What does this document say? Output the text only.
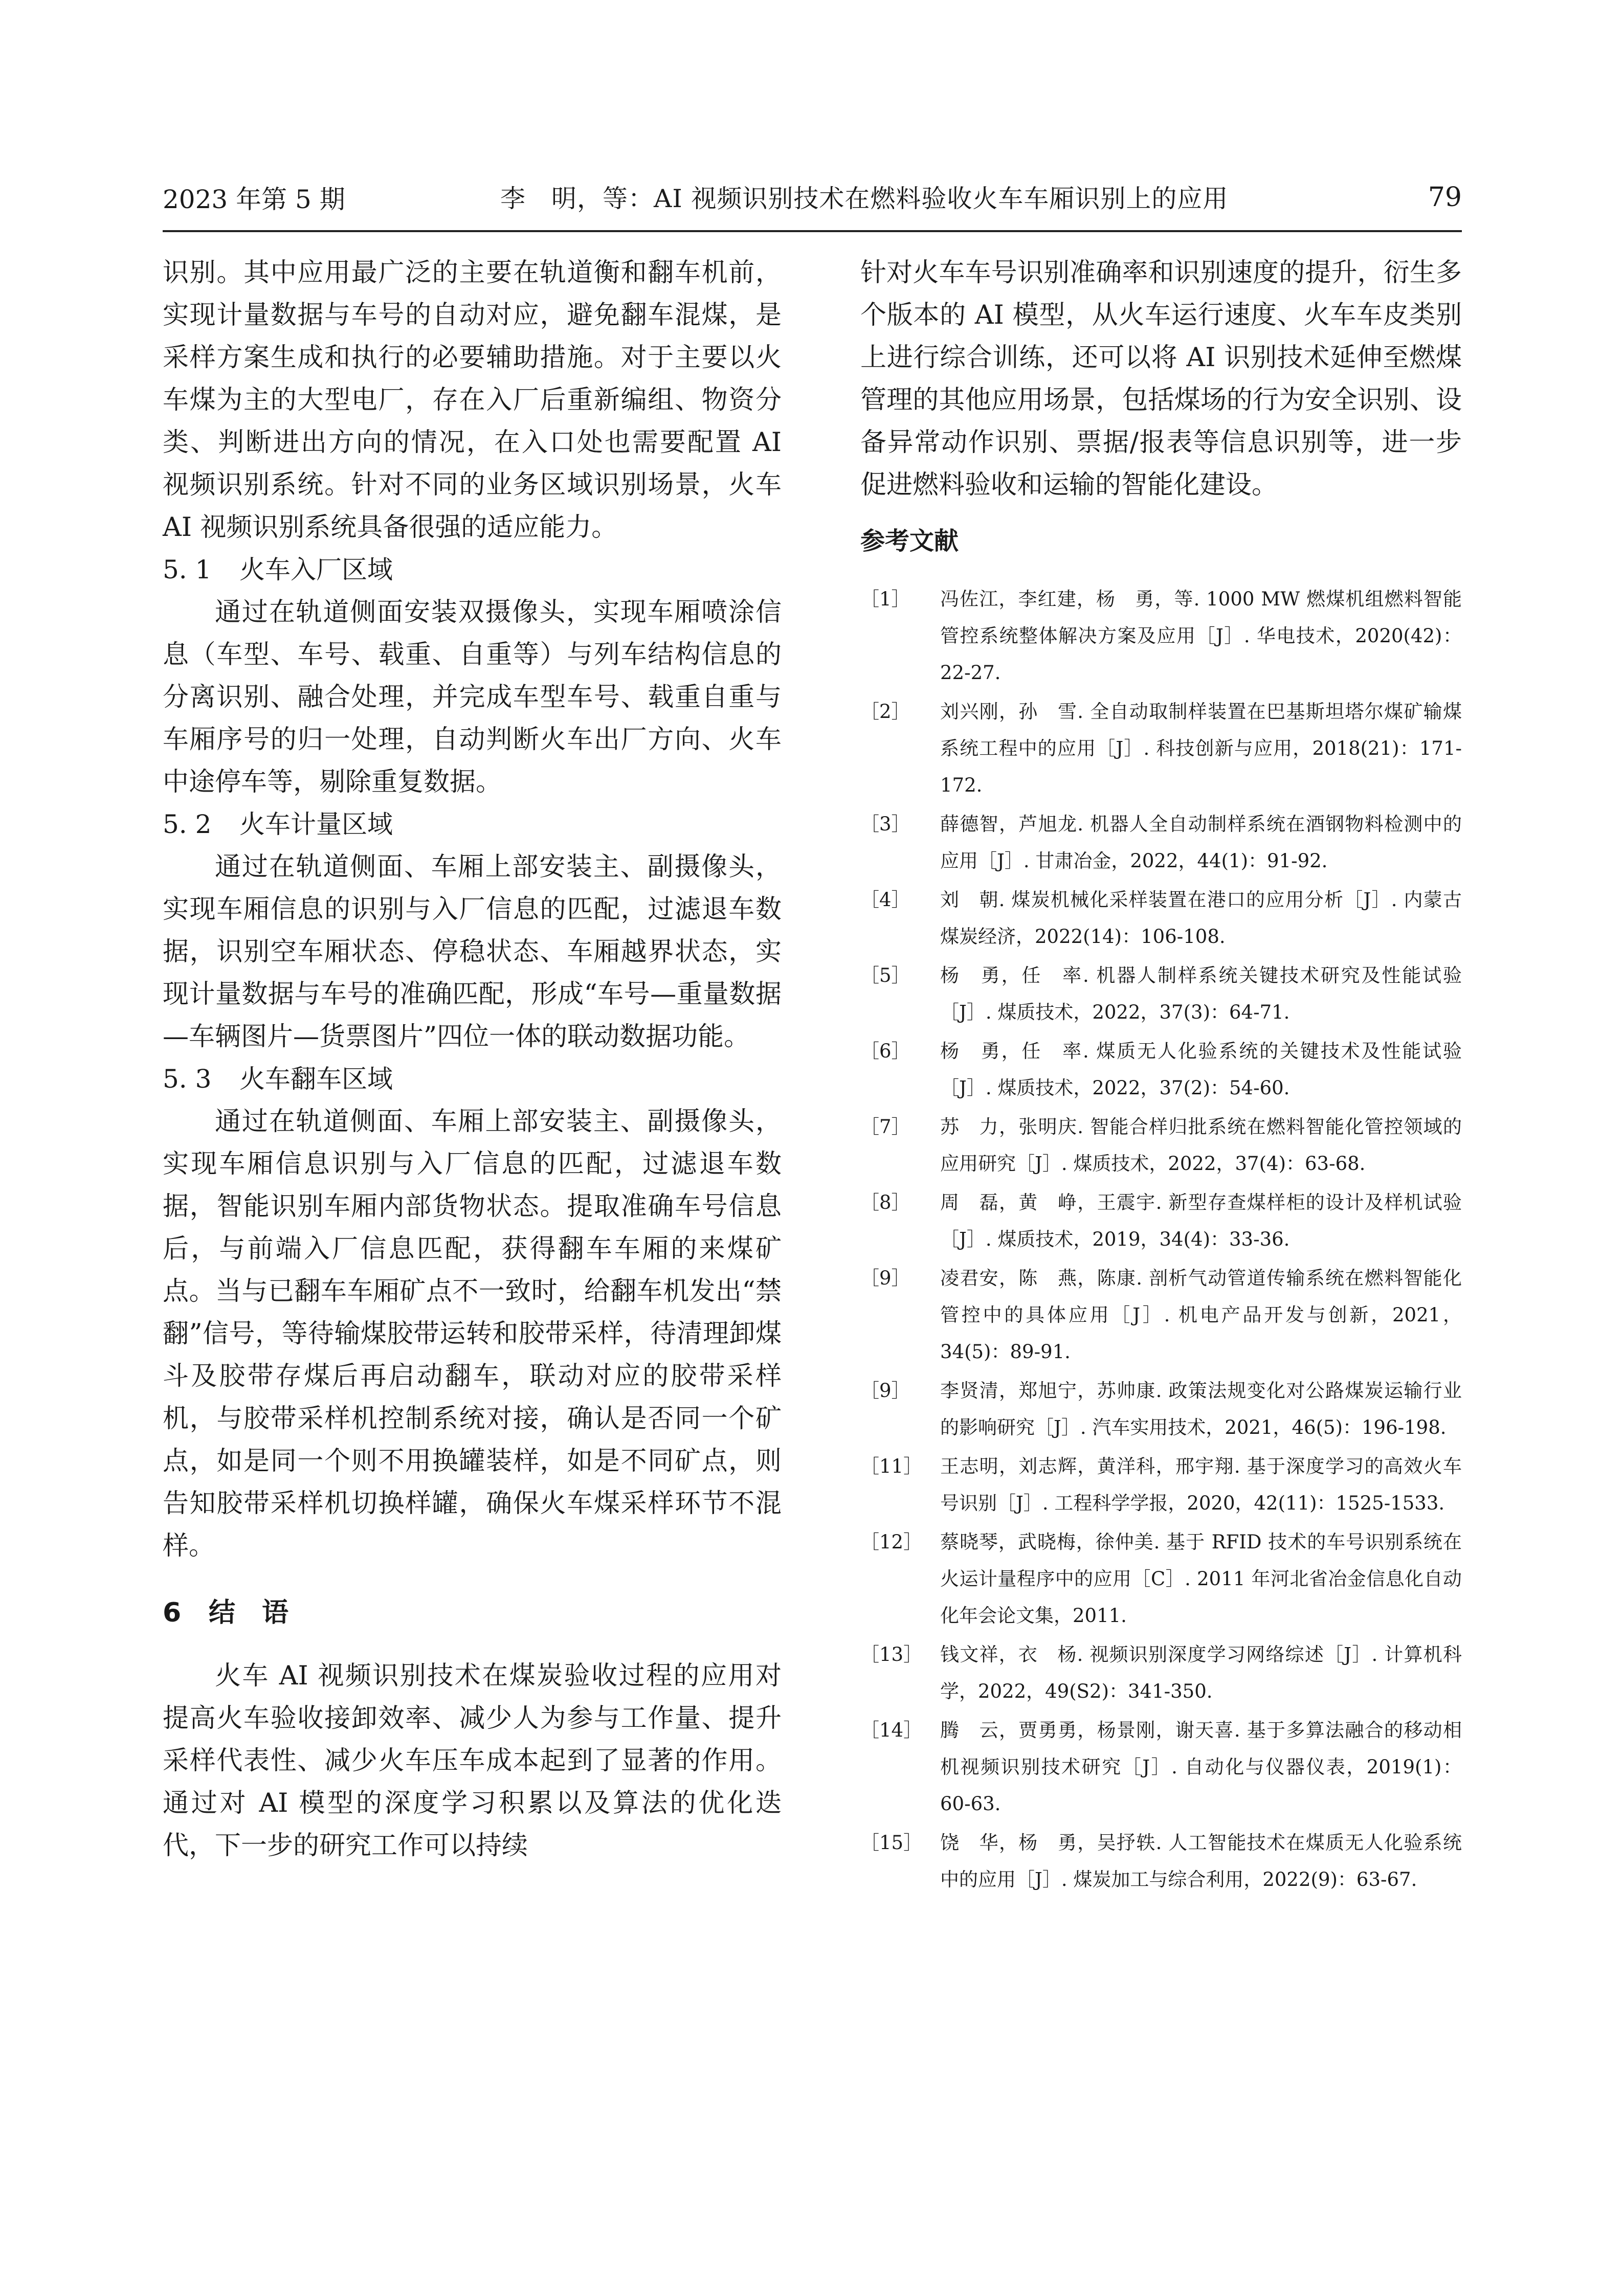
2023 年第 5 期	李　明，等：AI 视频识别技术在燃料验收火车车厢识别上的应用	79

识别。其中应用最广泛的主要在轨道衡和翻车机前，实现计量数据与车号的自动对应，避免翻车混煤，是采样方案生成和执行的必要辅助措施。对于主要以火车煤为主的大型电厂，存在入厂后重新编组、物资分类、判断进出方向的情况，在入口处也需要配置 AI 视频识别系统。针对不同的业务区域识别场景，火车 AI 视频识别系统具备很强的适应能力。

5. 1 火车入厂区域

通过在轨道侧面安装双摄像头，实现车厢喷涂信息（车型、车号、载重、自重等）与列车结构信息的分离识别、融合处理，并完成车型车号、载重自重与车厢序号的归一处理，自动判断火车出厂方向、火车中途停车等，剔除重复数据。

5. 2 火车计量区域

通过在轨道侧面、车厢上部安装主、副摄像头，实现车厢信息的识别与入厂信息的匹配，过滤退车数据，识别空车厢状态、停稳状态、车厢越界状态，实现计量数据与车号的准确匹配，形成“车号—重量数据—车辆图片—货票图片”四位一体的联动数据功能。

5. 3 火车翻车区域

通过在轨道侧面、车厢上部安装主、副摄像头，实现车厢信息识别与入厂信息的匹配，过滤退车数据，智能识别车厢内部货物状态。提取准确车号信息后，与前端入厂信息匹配，获得翻车车厢的来煤矿点。当与已翻车车厢矿点不一致时，给翻车机发出“禁翻”信号，等待输煤胶带运转和胶带采样，待清理卸煤斗及胶带存煤后再启动翻车，联动对应的胶带采样机，与胶带采样机控制系统对接，确认是否同一个矿点，如是同一个则不用换罐装样，如是不同矿点，则告知胶带采样机切换样罐，确保火车煤采样环节不混样。

6 结　语

火车 AI 视频识别技术在煤炭验收过程的应用对提高火车验收接卸效率、减少人为参与工作量、提升采样代表性、减少火车压车成本起到了显著的作用。通过对 AI 模型的深度学习积累以及算法的优化迭代，下一步的研究工作可以持续

针对火车车号识别准确率和识别速度的提升，衍生多个版本的 AI 模型，从火车运行速度、火车车皮类别上进行综合训练，还可以将 AI 识别技术延伸至燃煤管理的其他应用场景，包括煤场的行为安全识别、设备异常动作识别、票据/报表等信息识别等，进一步促进燃料验收和运输的智能化建设。

参考文献
［1］ 冯佐江，李红建，杨　勇，等. 1000 MW 燃煤机组燃料智能管控系统整体解决方案及应用［J］. 华电技术，2020(42)：22-27.
［2］ 刘兴刚，孙　雪. 全自动取制样装置在巴基斯坦塔尔煤矿输煤系统工程中的应用［J］. 科技创新与应用，2018(21)：171-172.
［3］ 薛德智，芦旭龙. 机器人全自动制样系统在酒钢物料检测中的应用［J］. 甘肃冶金，2022，44(1)：91-92.
［4］ 刘　朝. 煤炭机械化采样装置在港口的应用分析［J］. 内蒙古煤炭经济，2022(14)：106-108.
［5］ 杨　勇，任　率. 机器人制样系统关键技术研究及性能试验［J］. 煤质技术，2022，37(3)：64-71.
［6］ 杨　勇，任　率. 煤质无人化验系统的关键技术及性能试验［J］. 煤质技术，2022，37(2)：54-60.
［7］ 苏　力，张明庆. 智能合样归批系统在燃料智能化管控领域的应用研究［J］. 煤质技术，2022，37(4)：63-68.
［8］ 周　磊，黄　峥，王震宇. 新型存查煤样柜的设计及样机试验［J］. 煤质技术，2019，34(4)：33-36.
［9］ 凌君安，陈　燕，陈康. 剖析气动管道传输系统在燃料智能化管控中的具体应用［J］. 机电产品开发与创新，2021，34(5)：89-91.
［9］ 李贤清，郑旭宁，苏帅康. 政策法规变化对公路煤炭运输行业的影响研究［J］. 汽车实用技术，2021，46(5)：196-198.
［11］ 王志明，刘志辉，黄洋科，邢宇翔. 基于深度学习的高效火车号识别［J］. 工程科学学报，2020，42(11)：1525-1533.
［12］ 蔡晓琴，武晓梅，徐仲美. 基于 RFID 技术的车号识别系统在火运计量程序中的应用［C］. 2011 年河北省冶金信息化自动化年会论文集，2011.
［13］ 钱文祥，衣　杨. 视频识别深度学习网络综述［J］. 计算机科学，2022，49(S2)：341-350.
［14］ 腾　云，贾勇勇，杨景刚，谢天喜. 基于多算法融合的移动相机视频识别技术研究［J］. 自动化与仪器仪表，2019(1)：60-63.
［15］ 饶　华，杨　勇，吴抒轶. 人工智能技术在煤质无人化验系统中的应用［J］. 煤炭加工与综合利用，2022(9)：63-67.
